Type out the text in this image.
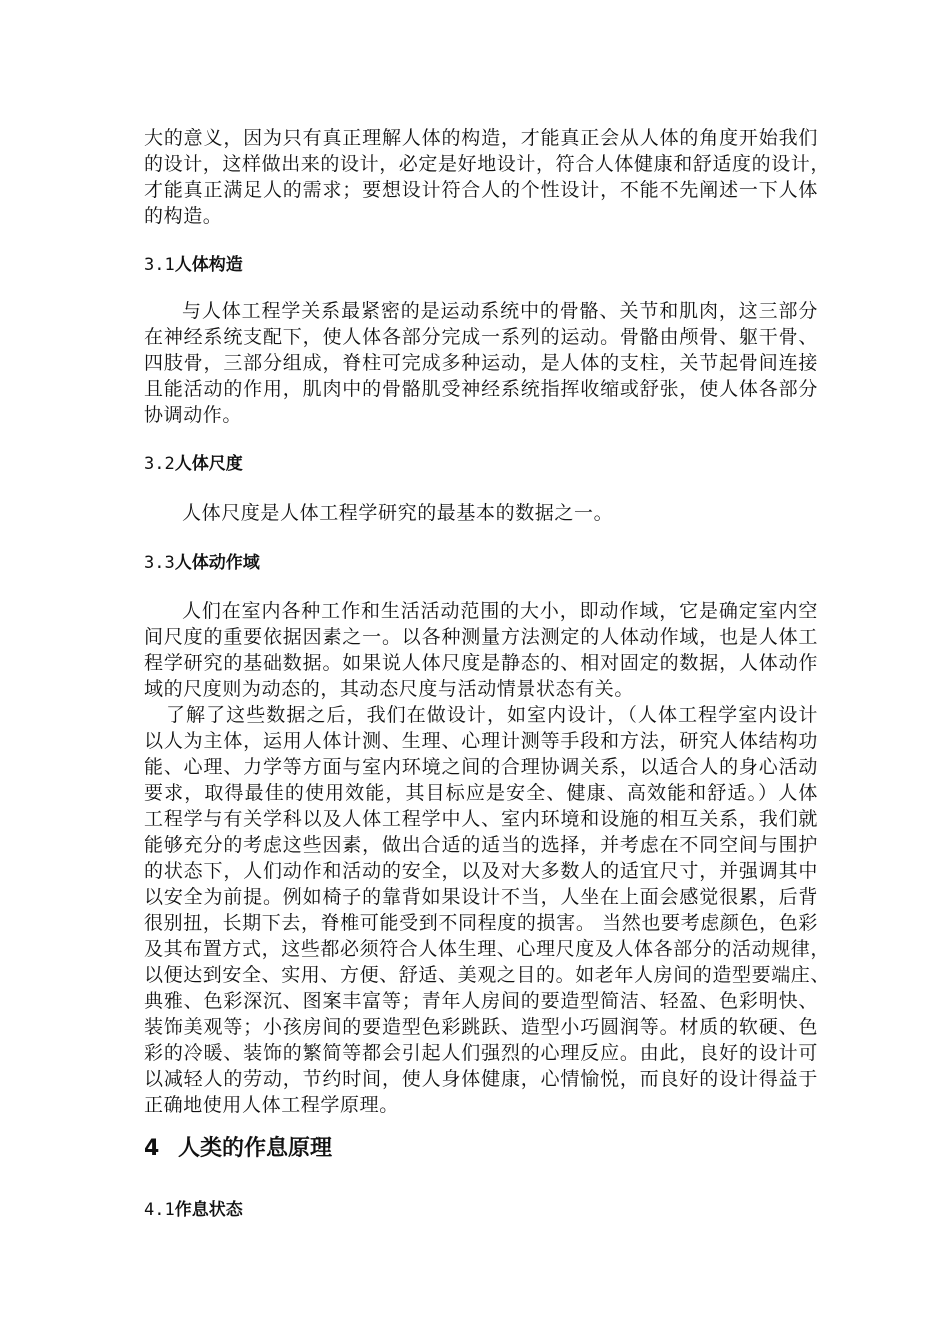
大的意义，因为只有真正理解人体的构造，才能真正会从人体的角度开始我们
的设计，这样做出来的设计，必定是好地设计，符合人体健康和舒适度的设计，
才能真正满足人的需求；要想设计符合人的个性设计，不能不先阐述一下人体
的构造。
3.1人体构造
与人体工程学关系最紧密的是运动系统中的骨骼、关节和肌肉，这三部分
在神经系统支配下，使人体各部分完成一系列的运动。骨骼由颅骨、躯干骨、
四肢骨，三部分组成，脊柱可完成多种运动，是人体的支柱，关节起骨间连接
且能活动的作用，肌肉中的骨骼肌受神经系统指挥收缩或舒张，使人体各部分
协调动作。
3.2人体尺度
人体尺度是人体工程学研究的最基本的数据之一。
3.3人体动作域
人们在室内各种工作和生活活动范围的大小，即动作域，它是确定室内空
间尺度的重要依据因素之一。以各种测量方法测定的人体动作域，也是人体工
程学研究的基础数据。如果说人体尺度是静态的、相对固定的数据，人体动作
域的尺度则为动态的，其动态尺度与活动情景状态有关。
了解了这些数据之后，我们在做设计，如室内设计，（人体工程学室内设计
以人为主体，运用人体计测、生理、心理计测等手段和方法，研究人体结构功
能、心理、力学等方面与室内环境之间的合理协调关系，以适合人的身心活动
要求，取得最佳的使用效能，其目标应是安全、健康、高效能和舒适。）人体
工程学与有关学科以及人体工程学中人、室内环境和设施的相互关系，我们就
能够充分的考虑这些因素，做出合适的适当的选择，并考虑在不同空间与围护
的状态下，人们动作和活动的安全，以及对大多数人的适宜尺寸，并强调其中
以安全为前提。例如椅子的靠背如果设计不当，人坐在上面会感觉很累，后背
很别扭，长期下去，脊椎可能受到不同程度的损害。 当然也要考虑颜色，色彩
及其布置方式，这些都必须符合人体生理、心理尺度及人体各部分的活动规律，
以便达到安全、实用、方便、舒适、美观之目的。如老年人房间的造型要端庄、
典雅、色彩深沉、图案丰富等；青年人房间的要造型简洁、轻盈、色彩明快、
装饰美观等；小孩房间的要造型色彩跳跃、造型小巧圆润等。材质的软硬、色
彩的冷暖、装饰的繁简等都会引起人们强烈的心理反应。由此，良好的设计可
以减轻人的劳动，节约时间，使人身体健康，心情愉悦，而良好的设计得益于
正确地使用人体工程学原理。
4 人类的作息原理
4.1作息状态
